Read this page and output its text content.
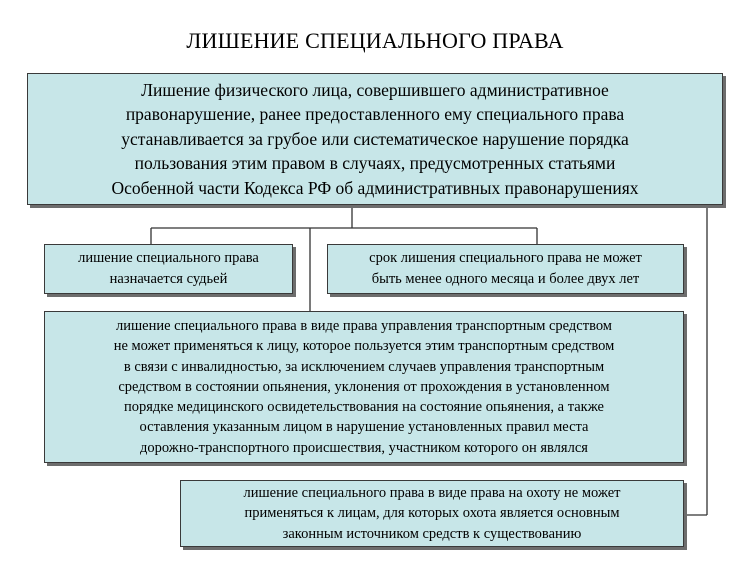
ЛИШЕНИЕ СПЕЦИАЛЬНОГО ПРАВА
Лишение физического лица, совершившего административное
правонарушение, ранее предоставленного ему специального права
устанавливается за грубое или систематическое нарушение порядка
пользования этим правом в случаях, предусмотренных статьями
Особенной части Кодекса РФ об административных правонарушениях
лишение специального права
назначается судьей
срок лишения специального права не может
быть менее одного месяца и более двух лет
лишение специального права в виде права управления транспортным средством
не может применяться к лицу, которое пользуется этим транспортным средством
в связи с инвалидностью, за исключением случаев управления транспортным
средством в состоянии опьянения, уклонения от прохождения в установленном
порядке медицинского освидетельствования на состояние опьянения, а также
оставления указанным лицом в нарушение установленных правил места
дорожно-транспортного происшествия, участником которого он являлся
лишение специального права в виде права на охоту не может
применяться к лицам, для которых охота является основным
законным источником средств к существованию
